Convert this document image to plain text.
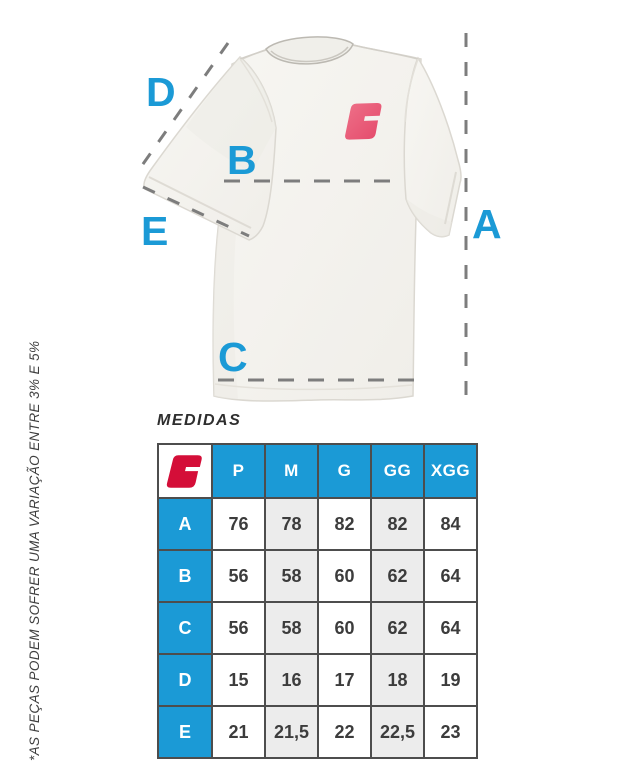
*AS PEÇAS PODEM SOFRER UMA VARIAÇÃO ENTRE 3% E 5%
D
B
E
C
A
MEDIDAS
P	M	G	GG	XGG
A	76	78	82	82	84
B	56	58	60	62	64
C	56	58	60	62	64
D	15	16	17	18	19
E	21	21,5	22	22,5	23
